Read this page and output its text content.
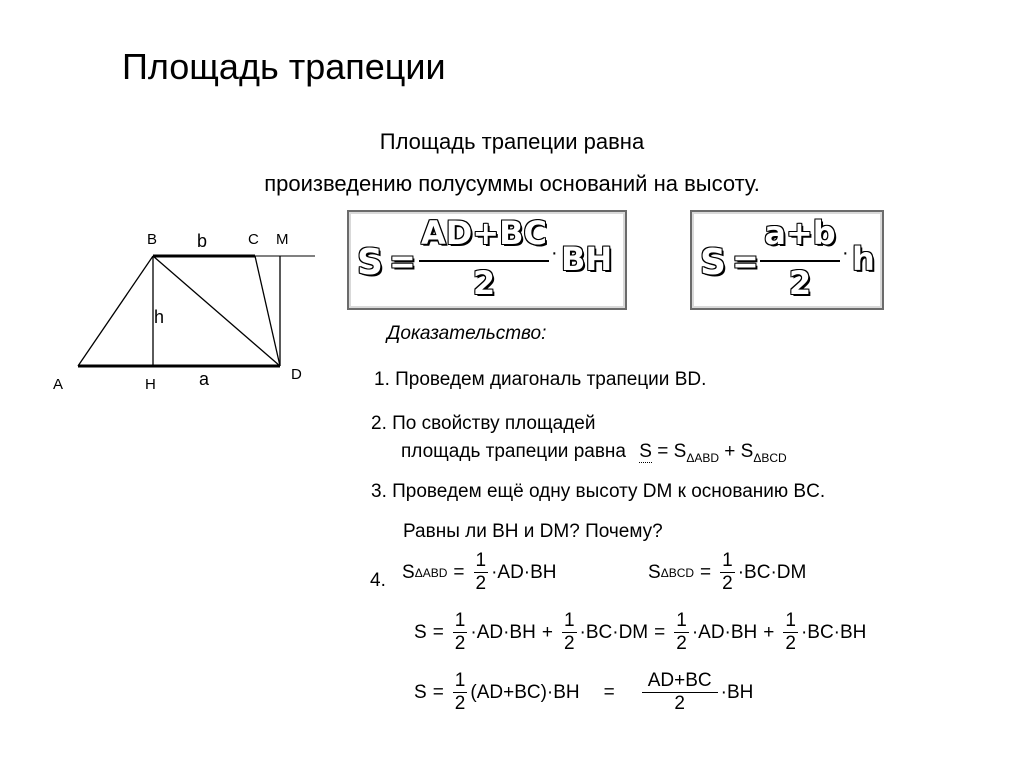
Площадь трапеции
Площадь трапеции равна
произведению полусуммы оснований на высоту.
B b	C M
h
A	H a	D
S =
AD+BC
2
· BH S =
a+b
2
· h
Доказательство:
1. Проведем диагональ трапеции BD.
2. По свойству площадей
площадь трапеции равна $S = S_{\Delta ABD} + S_{\Delta BCD}$
3. Проведем ещё одну высоту DM к основанию BC.
Равны ли BH и DM? Почему?
4. S $\Delta ABD = \frac{1}{2} \cdot AD\cdot BH$	S $\Delta BCD = \frac{1}{2} \cdot BC\cdot DM$
$S = \frac{1}{2} \cdot AD\cdot BH + \frac{1}{2} \cdot BC\cdot DM = \frac{1}{2} \cdot AD\cdot BH + \frac{1}{2} \cdot BC\cdot BH$
$S = \frac{1}{2} (AD+BC)\cdot BH = \frac{AD+BC}{2} \cdot BH$
